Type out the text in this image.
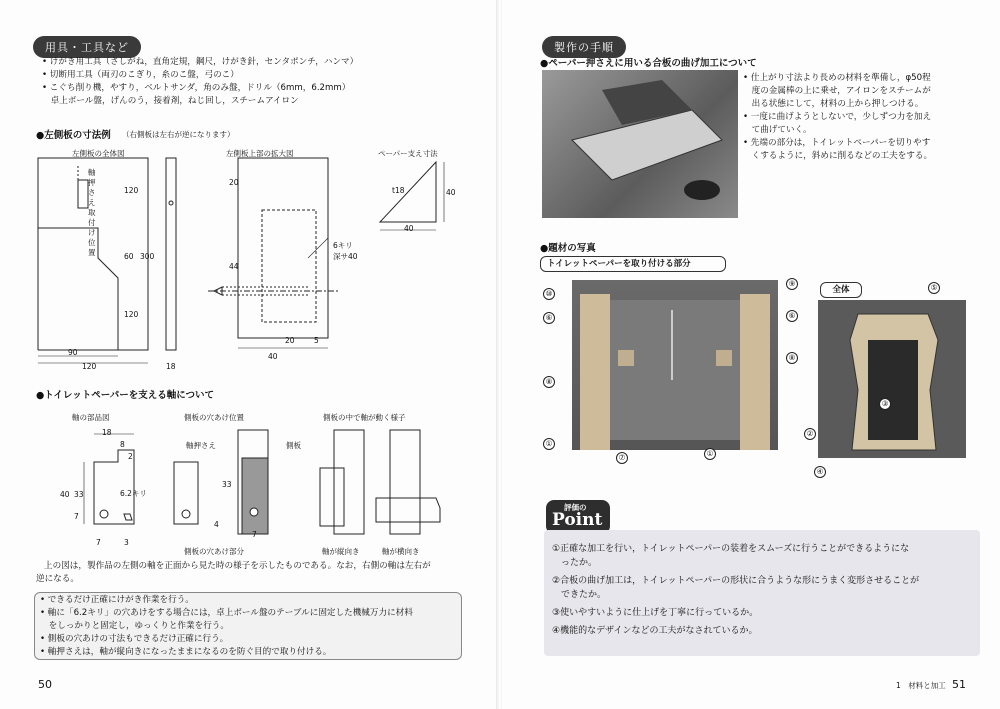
用具・工具など
• けがき用工具（さしがね，直角定規，鋼尺，けがき針，センタポンチ，ハンマ）
• 切断用工具（両刃のこぎり，糸のこ盤，弓のこ）
• こぐち削り機，やすり，ベルトサンダ，角のみ盤，ドリル（6mm，6.2mm）
　卓上ボール盤，げんのう，接着剤，ねじ回し，スチームアイロン
●左側板の寸法例 （右側板は左右が逆になります）
左側板の全体図	左側板上部の拡大図	ペーパー支え寸法
軸押さえ取付け位置
120
60 300
120
90
120	18
20
44
20	5
40
6キリ
深サ40
t18	40
40
●トイレットペーパーを支える軸について
軸の部品図	側板の穴あけ位置	側板の中で軸が動く様子
18
8
2
40 33
7
7
3
6.2キリ
軸押さえ	側板
33
4
7
側板の穴あけ部分	軸が縦向き	軸が横向き
上の図は，製作品の左側の軸を正面から見た時の様子を示したものである。なお，右側の軸は左右が
逆になる。
• できるだけ正確にけがき作業を行う。
• 軸に「6.2キリ」の穴あけをする場合には，卓上ボール盤のテーブルに固定した機械万力に材料
　をしっかりと固定し，ゆっくりと作業を行う。
• 側板の穴あけの寸法もできるだけ正確に行う。
• 軸押さえは，軸が縦向きになったままになるのを防ぐ目的で取り付ける。
50
製作の手順
●ペーパー押さえに用いる合板の曲げ加工について
• 仕上がり寸法より長めの材料を準備し，φ50程
　度の金属棒の上に乗せ，アイロンをスチームが
　出る状態にして，材料の上から押しつける。
• 一度に曲げようとしないで，少しずつ力を加え
　て曲げていく。
• 先端の部分は，トイレットペーパーを切りやす
　くするように，斜めに削るなどの工夫をする。
●題材の写真
トイレットペーパーを取り付ける部分
⑩
⑥
⑧
①
⑦	①
⑨
⑥
⑧
全体	⑤
②
③
④
評価の
Point
①正確な加工を行い，トイレットペーパーの装着をスムーズに行うことができるようにな
　ったか。
②合板の曲げ加工は，トイレットペーパーの形状に合うような形にうまく変形させることが
　できたか。
③使いやすいように仕上げを丁寧に行っているか。
④機能的なデザインなどの工夫がなされているか。
1　材料と加工 51
